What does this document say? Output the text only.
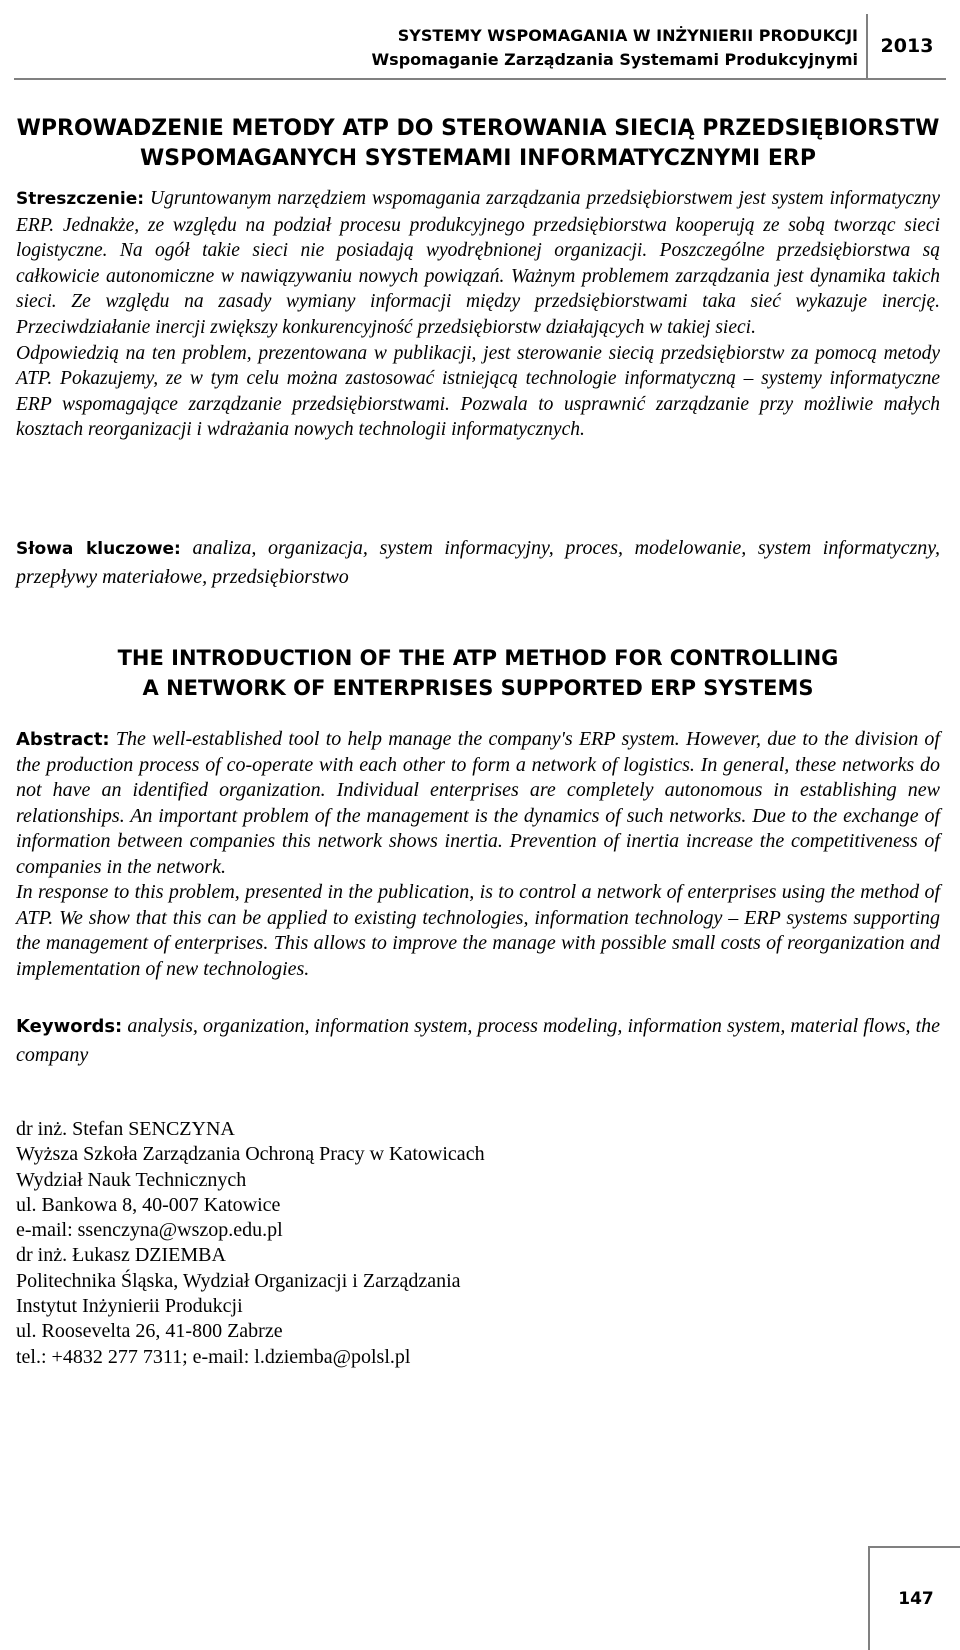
SYSTEMY WSPOMAGANIA W INŻYNIERII PRODUKCJI
Wspomaganie Zarządzania Systemami Produkcyjnymi
2013
WPROWADZENIE METODY ATP DO STEROWANIA SIECIĄ PRZEDSIĘBIORSTW
WSPOMAGANYCH SYSTEMAMI INFORMATYCZNYMI ERP

Streszczenie: Ugruntowanym narzędziem wspomagania zarządzania przedsiębiorstwem jest system informatyczny ERP. Jednakże, ze względu na podział procesu produkcyjnego przedsiębiorstwa kooperują ze sobą tworząc sieci logistyczne. Na ogół takie sieci nie posiadają wyodrębnionej organizacji. Poszczególne przedsiębiorstwa są całkowicie autonomiczne w nawiązywaniu nowych powiązań. Ważnym problemem zarządzania jest dynamika takich sieci. Ze względu na zasady wymiany informacji między przedsiębiorstwami taka sieć wykazuje inercję. Przeciwdziałanie inercji zwiększy konkurencyjność przedsiębiorstw działających w takiej sieci.

Odpowiedzią na ten problem, prezentowana w publikacji, jest sterowanie siecią przedsiębiorstw za pomocą metody ATP. Pokazujemy, ze w tym celu można zastosować istniejącą technologie informatyczną – systemy informatyczne ERP wspomagające zarządzanie przedsiębiorstwami. Pozwala to usprawnić zarządzanie przy możliwie małych kosztach reorganizacji i wdrażania nowych technologii informatycznych.

Słowa kluczowe: analiza, organizacja, system informacyjny, proces, modelowanie, system informatyczny, przepływy materiałowe, przedsiębiorstwo

THE INTRODUCTION OF THE ATP METHOD FOR CONTROLLING
A NETWORK OF ENTERPRISES SUPPORTED ERP SYSTEMS

Abstract: The well-established tool to help manage the company's ERP system. However, due to the division of the production process of co-operate with each other to form a network of logistics. In general, these networks do not have an identified organization. Individual enterprises are completely autonomous in establishing new relationships. An important problem of the management is the dynamics of such networks. Due to the exchange of information between companies this network shows inertia. Prevention of inertia increase the competitiveness of companies in the network.

In response to this problem, presented in the publication, is to control a network of enterprises using the method of ATP. We show that this can be applied to existing technologies, information technology – ERP systems supporting the management of enterprises. This allows to improve the manage with possible small costs of reorganization and implementation of new technologies.

Keywords: analysis, organization, information system, process modeling, information system, material flows, the company

dr inż. Stefan SENCZYNA
Wyższa Szkoła Zarządzania Ochroną Pracy w Katowicach
Wydział Nauk Technicznych
ul. Bankowa 8, 40-007 Katowice
e-mail: ssenczyna@wszop.edu.pl
dr inż. Łukasz DZIEMBA
Politechnika Śląska, Wydział Organizacji i Zarządzania
Instytut Inżynierii Produkcji
ul. Roosevelta 26, 41-800 Zabrze
tel.: +4832 277 7311; e-mail: l.dziemba@polsl.pl
147
